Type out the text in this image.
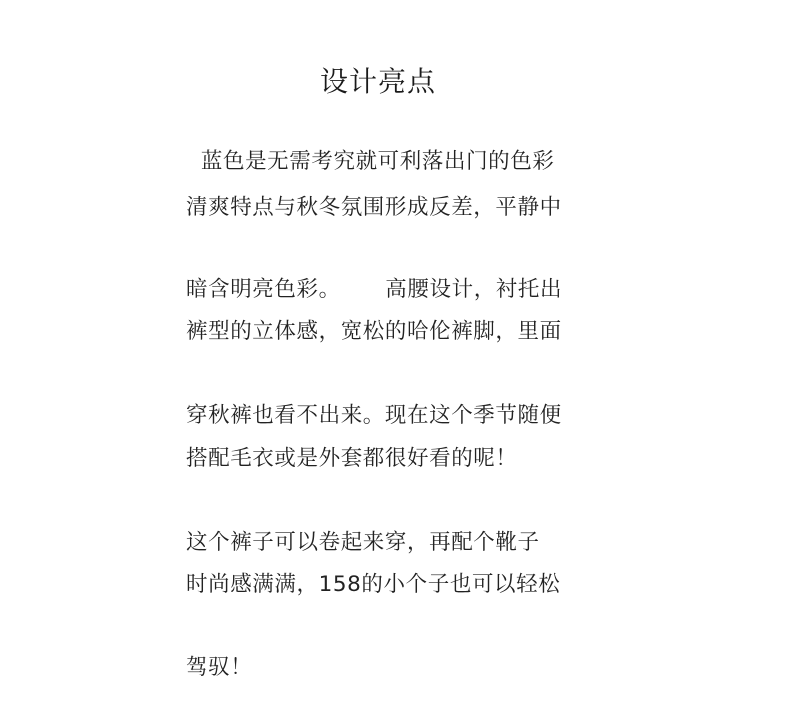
设计亮点
蓝色是无需考究就可利落出门的色彩
清爽特点与秋冬氛围形成反差，平静中
暗含明亮色彩。      高腰设计，衬托出
裤型的立体感，宽松的哈伦裤脚，里面
穿秋裤也看不出来。现在这个季节随便
搭配毛衣或是外套都很好看的呢！
这个裤子可以卷起来穿，再配个靴子
时尚感满满，158的小个子也可以轻松
驾驭！
